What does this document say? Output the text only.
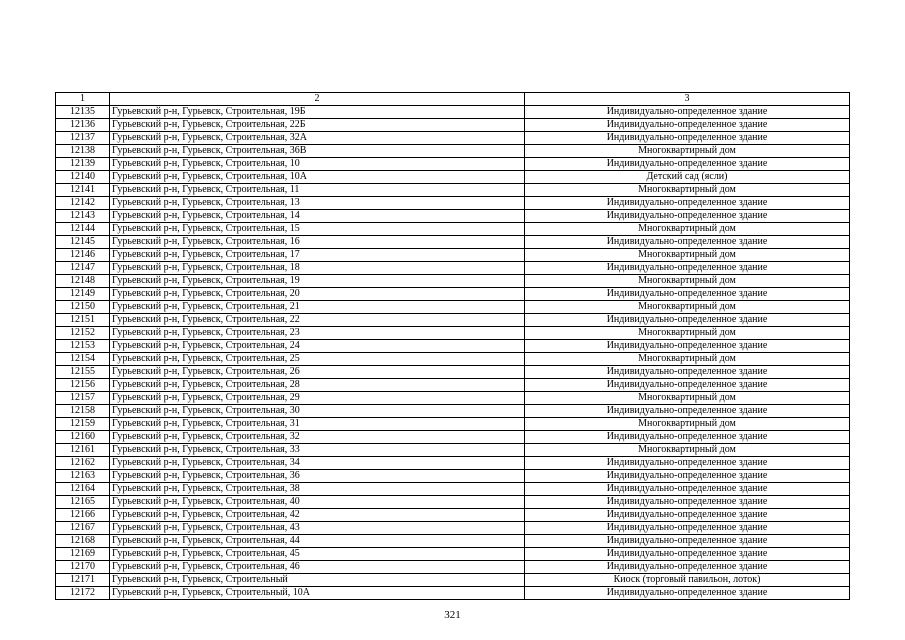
1	2	3
12135	Гурьевский р-н, Гурьевск, Строительная, 19Б	Индивидуально-определенное здание
12136	Гурьевский р-н, Гурьевск, Строительная, 22Б	Индивидуально-определенное здание
12137	Гурьевский р-н, Гурьевск, Строительная, 32А	Индивидуально-определенное здание
12138	Гурьевский р-н, Гурьевск, Строительная, 36В	Многоквартирный дом
12139	Гурьевский р-н, Гурьевск, Строительная, 10	Индивидуально-определенное здание
12140	Гурьевский р-н, Гурьевск, Строительная, 10А	Детский сад (ясли)
12141	Гурьевский р-н, Гурьевск, Строительная, 11	Многоквартирный дом
12142	Гурьевский р-н, Гурьевск, Строительная, 13	Индивидуально-определенное здание
12143	Гурьевский р-н, Гурьевск, Строительная, 14	Индивидуально-определенное здание
12144	Гурьевский р-н, Гурьевск, Строительная, 15	Многоквартирный дом
12145	Гурьевский р-н, Гурьевск, Строительная, 16	Индивидуально-определенное здание
12146	Гурьевский р-н, Гурьевск, Строительная, 17	Многоквартирный дом
12147	Гурьевский р-н, Гурьевск, Строительная, 18	Индивидуально-определенное здание
12148	Гурьевский р-н, Гурьевск, Строительная, 19	Многоквартирный дом
12149	Гурьевский р-н, Гурьевск, Строительная, 20	Индивидуально-определенное здание
12150	Гурьевский р-н, Гурьевск, Строительная, 21	Многоквартирный дом
12151	Гурьевский р-н, Гурьевск, Строительная, 22	Индивидуально-определенное здание
12152	Гурьевский р-н, Гурьевск, Строительная, 23	Многоквартирный дом
12153	Гурьевский р-н, Гурьевск, Строительная, 24	Индивидуально-определенное здание
12154	Гурьевский р-н, Гурьевск, Строительная, 25	Многоквартирный дом
12155	Гурьевский р-н, Гурьевск, Строительная, 26	Индивидуально-определенное здание
12156	Гурьевский р-н, Гурьевск, Строительная, 28	Индивидуально-определенное здание
12157	Гурьевский р-н, Гурьевск, Строительная, 29	Многоквартирный дом
12158	Гурьевский р-н, Гурьевск, Строительная, 30	Индивидуально-определенное здание
12159	Гурьевский р-н, Гурьевск, Строительная, 31	Многоквартирный дом
12160	Гурьевский р-н, Гурьевск, Строительная, 32	Индивидуально-определенное здание
12161	Гурьевский р-н, Гурьевск, Строительная, 33	Многоквартирный дом
12162	Гурьевский р-н, Гурьевск, Строительная, 34	Индивидуально-определенное здание
12163	Гурьевский р-н, Гурьевск, Строительная, 36	Индивидуально-определенное здание
12164	Гурьевский р-н, Гурьевск, Строительная, 38	Индивидуально-определенное здание
12165	Гурьевский р-н, Гурьевск, Строительная, 40	Индивидуально-определенное здание
12166	Гурьевский р-н, Гурьевск, Строительная, 42	Индивидуально-определенное здание
12167	Гурьевский р-н, Гурьевск, Строительная, 43	Индивидуально-определенное здание
12168	Гурьевский р-н, Гурьевск, Строительная, 44	Индивидуально-определенное здание
12169	Гурьевский р-н, Гурьевск, Строительная, 45	Индивидуально-определенное здание
12170	Гурьевский р-н, Гурьевск, Строительная, 46	Индивидуально-определенное здание
12171	Гурьевский р-н, Гурьевск, Строительный	Киоск (торговый павильон, лоток)
12172	Гурьевский р-н, Гурьевск, Строительный, 10А	Индивидуально-определенное здание
321
